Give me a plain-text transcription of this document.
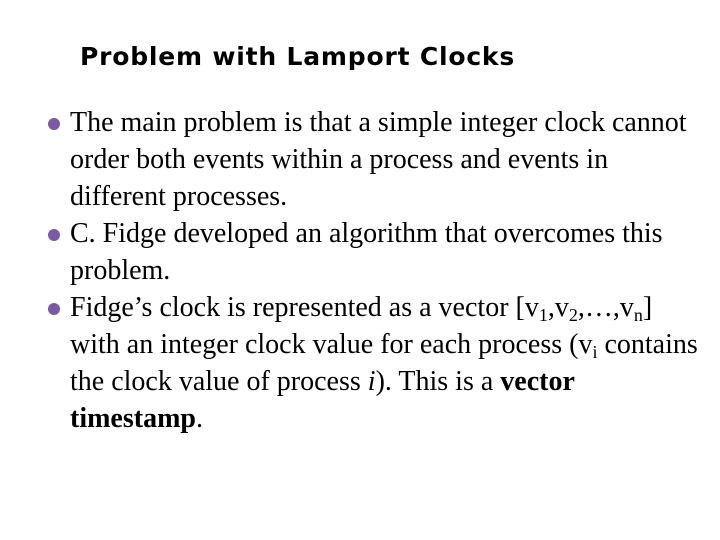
Problem with Lamport Clocks
The main problem is that a simple integer clock cannot order both events within a process and events in different processes.
C. Fidge developed an algorithm that overcomes this problem.
Fidge’s clock is represented as a vector $[v_1,v_2,\dots,v_n]$ with an integer clock value for each process ($v_i$ contains the clock value of process i). This is a vector timestamp.
